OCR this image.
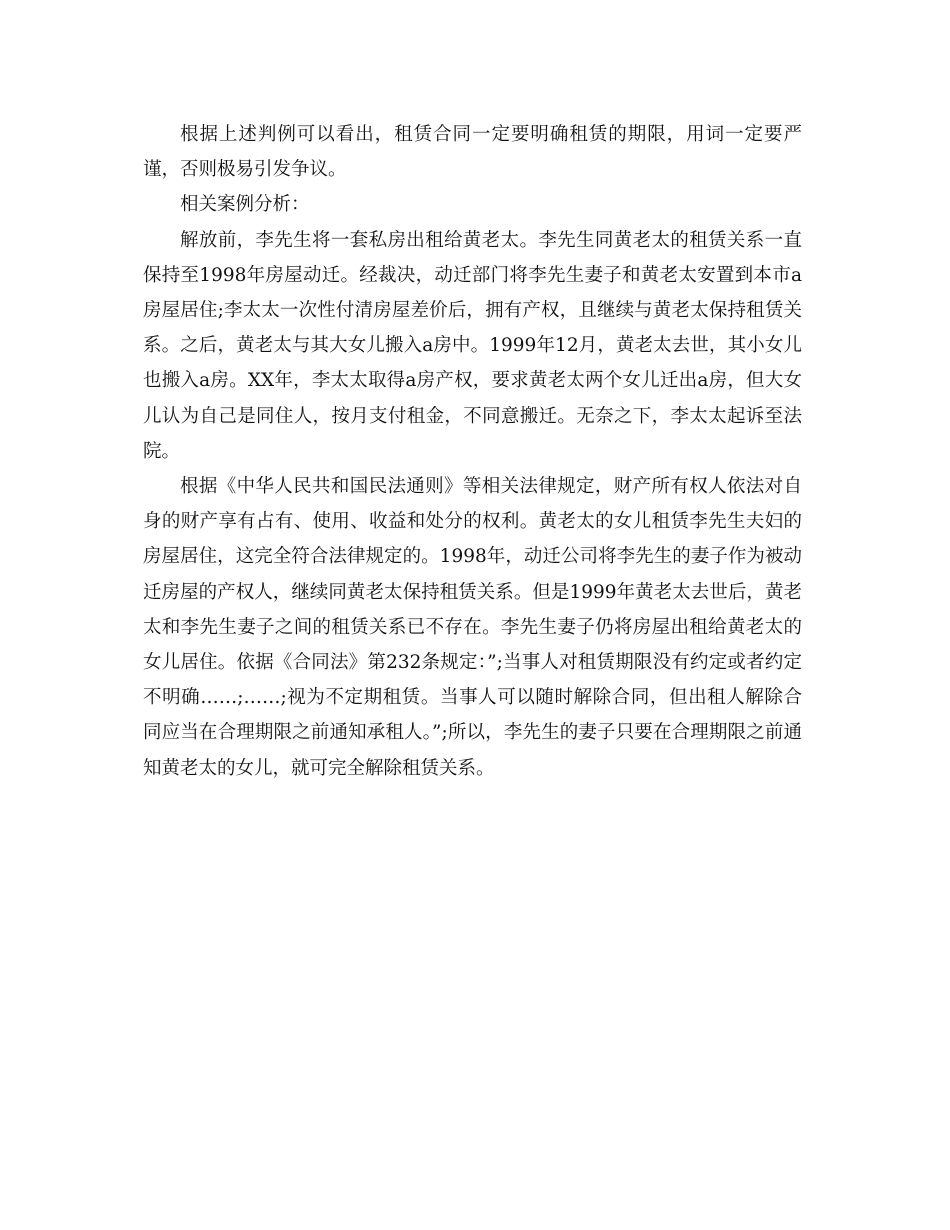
根据上述判例可以看出，租赁合同一定要明确租赁的期限，用词一定要严谨，否则极易引发争议。

相关案例分析：

解放前，李先生将一套私房出租给黄老太。李先生同黄老太的租赁关系一直保持至1998年房屋动迁。经裁决，动迁部门将李先生妻子和黄老太安置到本市a房屋居住;李太太一次性付清房屋差价后，拥有产权，且继续与黄老太保持租赁关系。之后，黄老太与其大女儿搬入a房中。1999年12月，黄老太去世，其小女儿也搬入a房。XX年，李太太取得a房产权，要求黄老太两个女儿迁出a房，但大女儿认为自己是同住人，按月支付租金，不同意搬迁。无奈之下，李太太起诉至法院。

根据《中华人民共和国民法通则》等相关法律规定，财产所有权人依法对自身的财产享有占有、使用、收益和处分的权利。黄老太的女儿租赁李先生夫妇的房屋居住，这完全符合法律规定的。1998年，动迁公司将李先生的妻子作为被动迁房屋的产权人，继续同黄老太保持租赁关系。但是1999年黄老太去世后，黄老太和李先生妻子之间的租赁关系已不存在。李先生妻子仍将房屋出租给黄老太的女儿居住。依据《合同法》第232条规定：”;当事人对租赁期限没有约定或者约定不明确……;……;视为不定期租赁。当事人可以随时解除合同，但出租人解除合同应当在合理期限之前通知承租人。”;所以，李先生的妻子只要在合理期限之前通知黄老太的女儿，就可完全解除租赁关系。
